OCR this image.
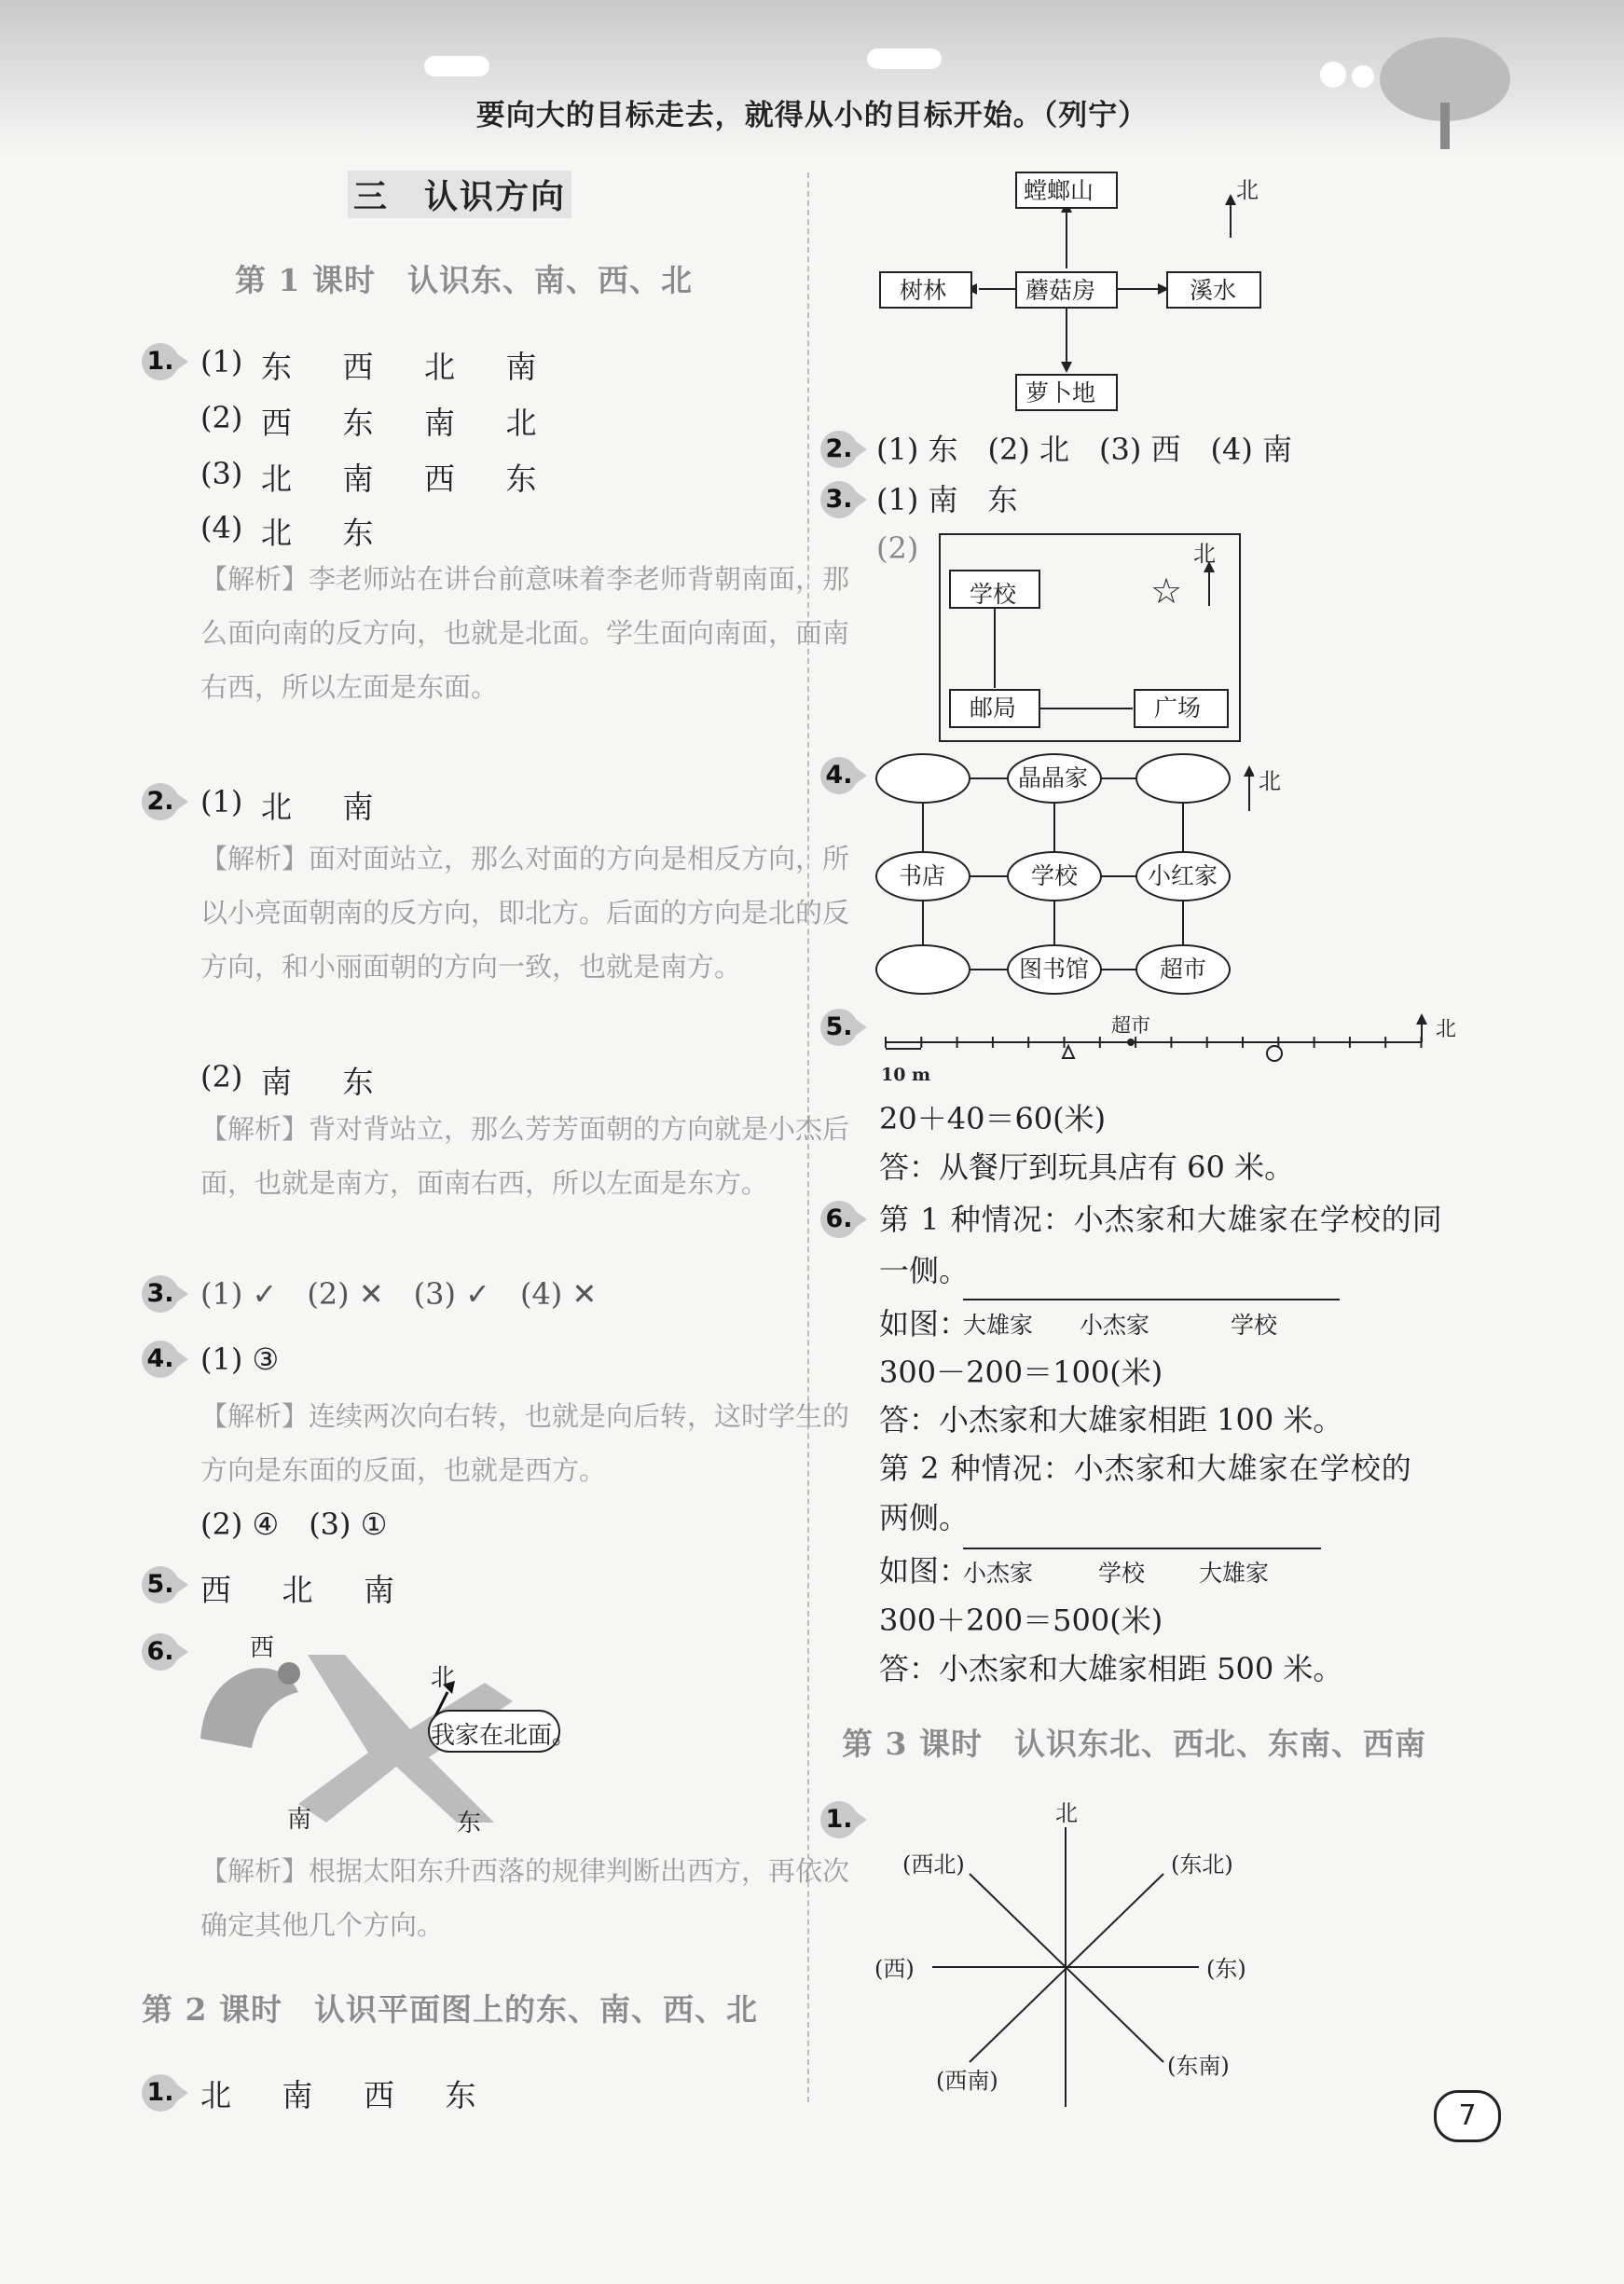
要向大的目标走去，就得从小的目标开始。（列宁）
三　认识方向
第 1 课时　认识东、南、西、北
1. (1) 东 西 北 南
(2) 西 东 南 北
(3) 北 南 西 东
(4) 北 东
【解析】李老师站在讲台前意味着李老师背朝南面，那么面向南的反方向，也就是北面。学生面向南面，面南右西，所以左面是东面。
2. (1) 北 南
【解析】面对面站立，那么对面的方向是相反方向，所以小亮面朝南的反方向，即北方。后面的方向是北的反方向，和小丽面朝的方向一致，也就是南方。
(2) 南 东
【解析】背对背站立，那么芳芳面朝的方向就是小杰后面，也就是南方，面南右西，所以左面是东方。
3. (1) ✓　(2) ✕　(3) ✓　(4) ✕
4. (1) ③
【解析】连续两次向右转，也就是向后转，这时学生的方向是东面的反面，也就是西方。
(2) ④　(3) ①
5. 西 北 南
6.	西
北
南	东
我家在北面。
【解析】根据太阳东升西落的规律判断出西方，再依次确定其他几个方向。
第 2 课时　认识平面图上的东、南、西、北
1. 北 南 西 东
螳螂山
树林	蘑菇房	溪水
萝卜地
北
2. (1) 东　(2) 北　(3) 西　(4) 南
3. (1) 南　东
(2)
学校
邮局	广场
☆
北
4.	晶晶家
书店	学校	小红家
图书馆	超市
北
5.	超市	北
10 m
20＋40＝60(米)
答：从餐厅到玩具店有 60 米。
6. 第 1 种情况：小杰家和大雄家在学校的同
一侧。
如图：
大雄家 小杰家	学校
300－200＝100(米)
答：小杰家和大雄家相距 100 米。
第 2 种情况：小杰家和大雄家在学校的
两侧。
如图：
小杰家	学校 大雄家
300＋200＝500(米)
答：小杰家和大雄家相距 500 米。
第 3 课时　认识东北、西北、东南、西南
1.	北
(西北)	(东北)
(西)	(东)
(西南)
(东南)
7
